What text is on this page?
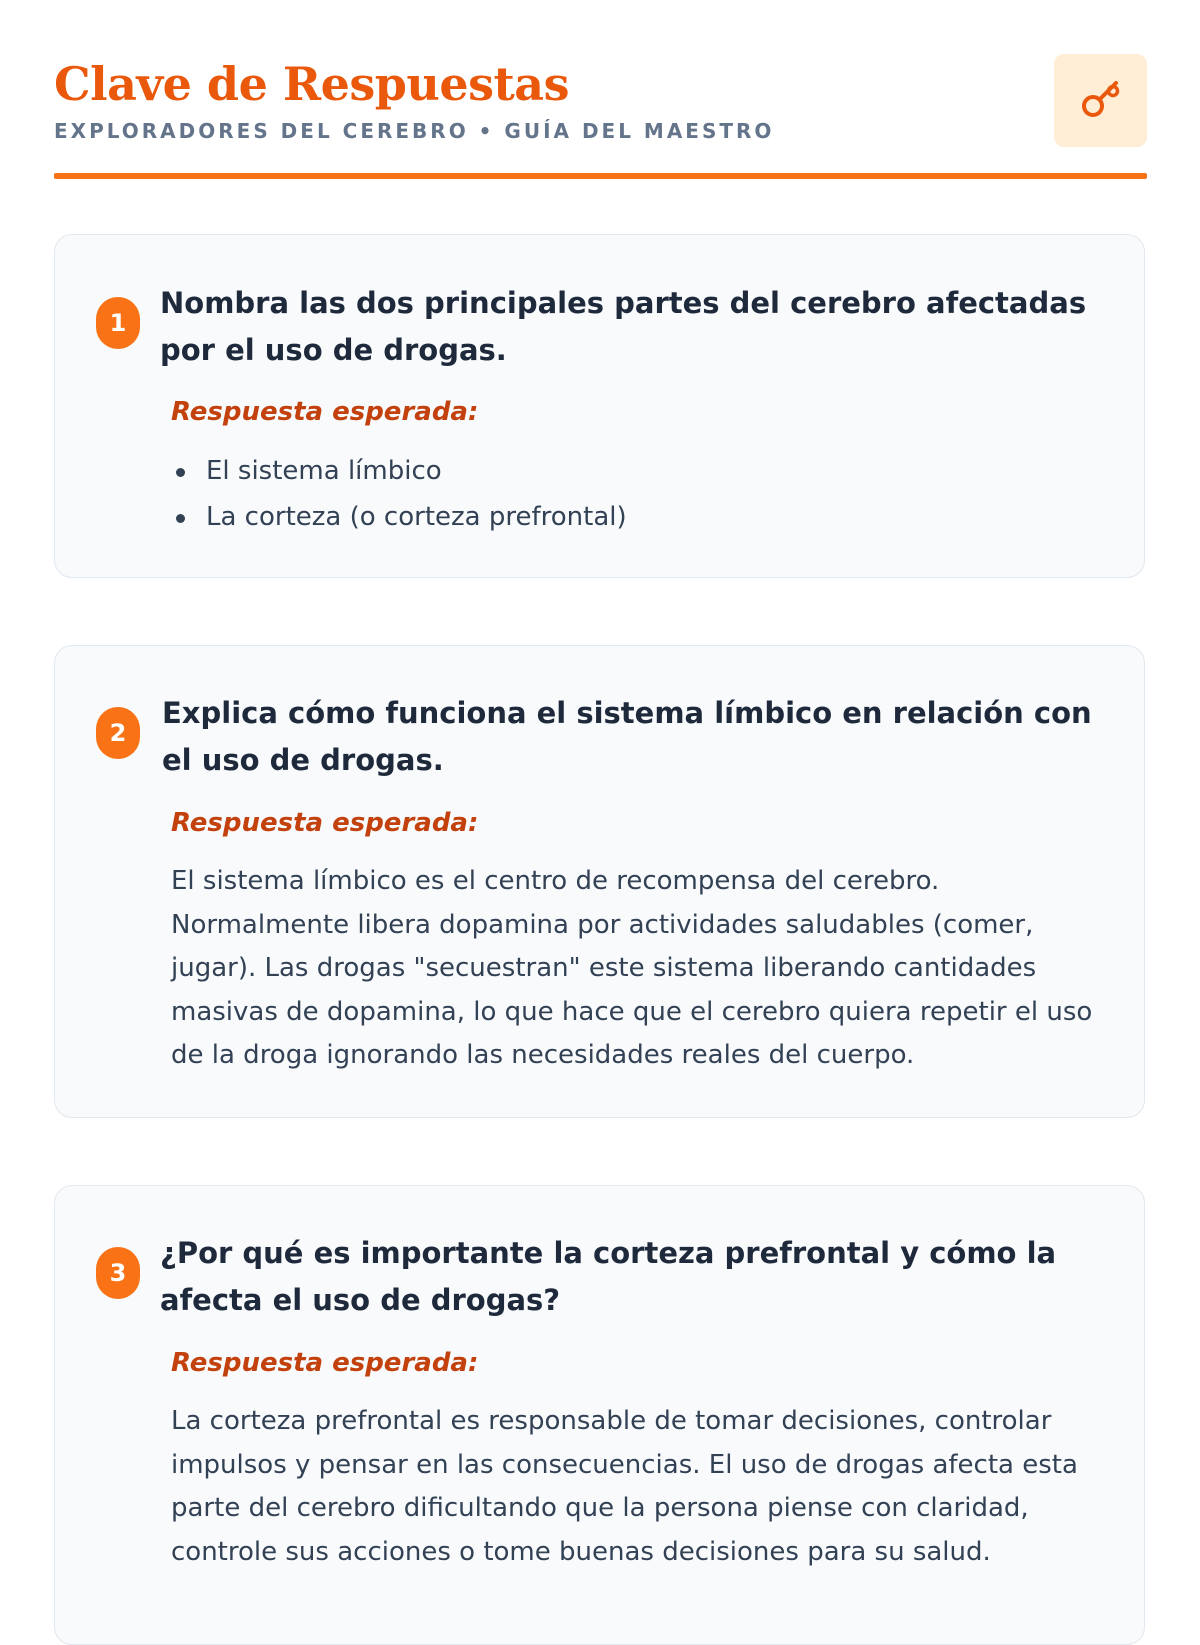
Clave de Respuestas
EXPLORADORES DEL CEREBRO • GUÍA DEL MAESTRO
1
Nombra las dos principales partes del cerebro afectadas por el uso de drogas.
Respuesta esperada:
El sistema límbico
La corteza (o corteza prefrontal)
2
Explica cómo funciona el sistema límbico en relación con el uso de drogas.
Respuesta esperada:
El sistema límbico es el centro de recompensa del cerebro. Normalmente libera dopamina por actividades saludables (comer, jugar). Las drogas "secuestran" este sistema liberando cantidades masivas de dopamina, lo que hace que el cerebro quiera repetir el uso de la droga ignorando las necesidades reales del cuerpo.
3
¿Por qué es importante la corteza prefrontal y cómo la afecta el uso de drogas?
Respuesta esperada:
La corteza prefrontal es responsable de tomar decisiones, controlar impulsos y pensar en las consecuencias. El uso de drogas afecta esta parte del cerebro dificultando que la persona piense con claridad, controle sus acciones o tome buenas decisiones para su salud.
